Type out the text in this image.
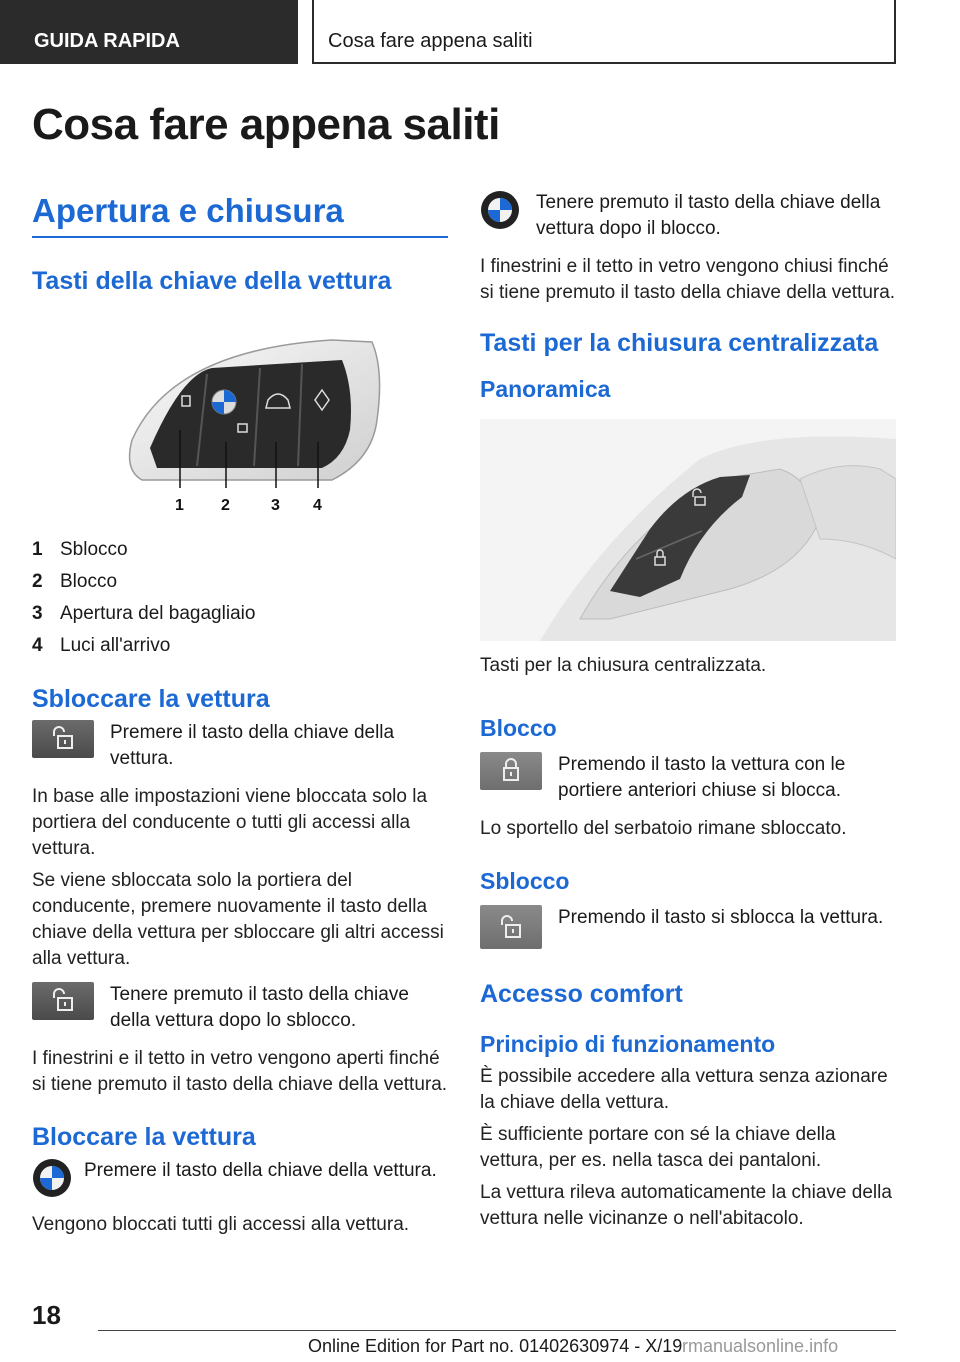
GUIDA RAPIDA	Cosa fare appena saliti
Cosa fare appena saliti
Apertura e chiusura
Tasti della chiave della vettura
1 2	3 4
1 Sblocco
2 Blocco
3 Apertura del bagagliaio
4 Luci all'arrivo
Sbloccare la vettura
Premere il tasto della chiave della vettura.
In base alle impostazioni viene bloccata solo la portiera del conducente o tutti gli accessi alla vettura.
Se viene sbloccata solo la portiera del conducente, premere nuovamente il tasto della chiave della vettura per sbloccare gli altri accessi alla vettura.
Tenere premuto il tasto della chiave della vettura dopo lo sblocco.
I finestrini e il tetto in vetro vengono aperti finché si tiene premuto il tasto della chiave della vettura.
Bloccare la vettura
Premere il tasto della chiave della vettura.
Vengono bloccati tutti gli accessi alla vettura.
Tenere premuto il tasto della chiave della vettura dopo il blocco.
I finestrini e il tetto in vetro vengono chiusi finché si tiene premuto il tasto della chiave della vettura.
Tasti per la chiusura centralizzata
Panoramica
Tasti per la chiusura centralizzata.
Blocco
Premendo il tasto la vettura con le portiere anteriori chiuse si blocca.
Lo sportello del serbatoio rimane sbloccato.
Sblocco
Premendo il tasto si sblocca la vettura.
Accesso comfort
Principio di funzionamento
È possibile accedere alla vettura senza azionare la chiave della vettura.
È sufficiente portare con sé la chiave della vettura, per es. nella tasca dei pantaloni.
La vettura rileva automaticamente la chiave della vettura nelle vicinanze o nell'abitacolo.
18
Online Edition for Part no. 01402630974 - X/19 rmanualsonline.info
